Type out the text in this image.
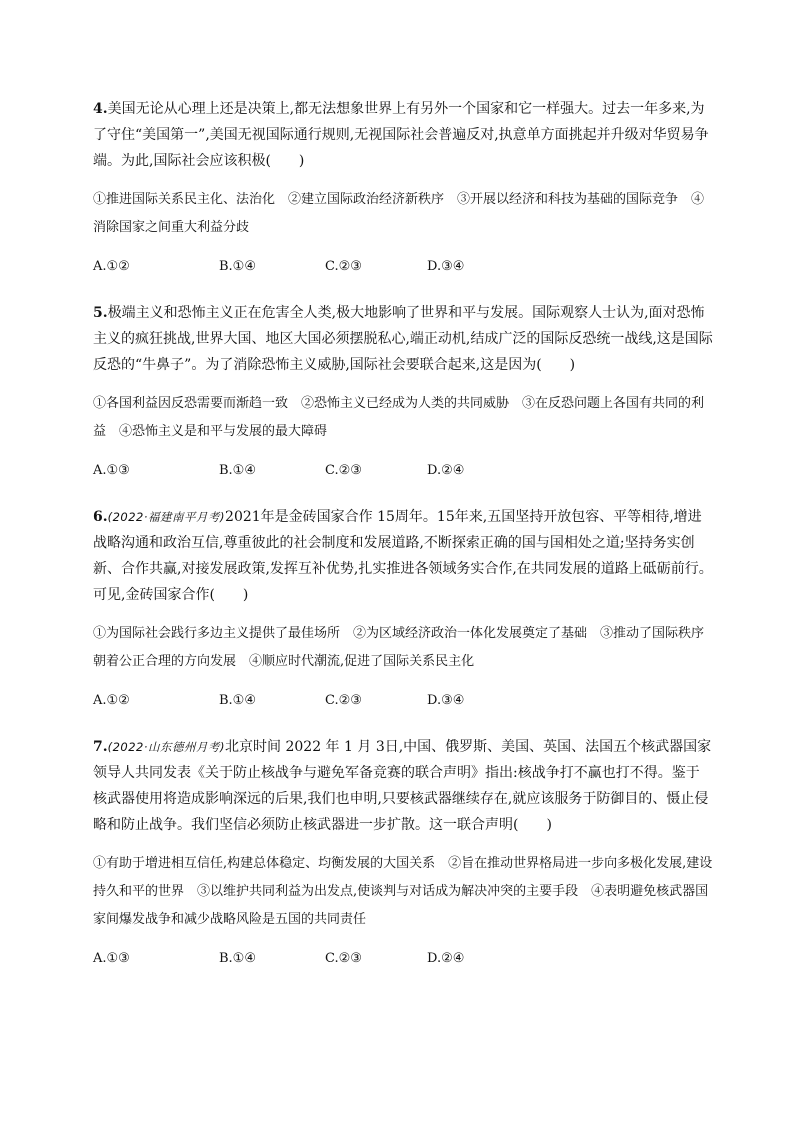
4.美国无论从心理上还是决策上,都无法想象世界上有另外一个国家和它一样强大。过去一年多来,为了守住“美国第一”,美国无视国际通行规则,无视国际社会普遍反对,执意单方面挑起并升级对华贸易争端。为此,国际社会应该积极(　　)

①推进国际关系民主化、法治化　②建立国际政治经济新秩序　③开展以经济和科技为基础的国际竞争　④消除国家之间重大利益分歧

A.①②	B.①④	C.②③	D.③④

5.极端主义和恐怖主义正在危害全人类,极大地影响了世界和平与发展。国际观察人士认为,面对恐怖主义的疯狂挑战,世界大国、地区大国必须摆脱私心,端正动机,结成广泛的国际反恐统一战线,这是国际反恐的“牛鼻子”。为了消除恐怖主义威胁,国际社会要联合起来,这是因为(　　)

①各国利益因反恐需要而渐趋一致　②恐怖主义已经成为人类的共同威胁　③在反恐问题上各国有共同的利益　④恐怖主义是和平与发展的最大障碍

A.①③	B.①④	C.②③	D.②④

6.(2022·福建南平月考)2021年是金砖国家合作 15周年。15年来,五国坚持开放包容、平等相待,增进战略沟通和政治互信,尊重彼此的社会制度和发展道路,不断探索正确的国与国相处之道;坚持务实创新、合作共赢,对接发展政策,发挥互补优势,扎实推进各领域务实合作,在共同发展的道路上砥砺前行。可见,金砖国家合作(　　)

①为国际社会践行多边主义提供了最佳场所　②为区域经济政治一体化发展奠定了基础　③推动了国际秩序朝着公正合理的方向发展　④顺应时代潮流,促进了国际关系民主化

A.①②	B.①④	C.②③	D.③④

7.(2022·山东德州月考)北京时间 2022 年 1 月 3日,中国、俄罗斯、美国、英国、法国五个核武器国家领导人共同发表《关于防止核战争与避免军备竞赛的联合声明》指出:核战争打不赢也打不得。鉴于核武器使用将造成影响深远的后果,我们也申明,只要核武器继续存在,就应该服务于防御目的、慑止侵略和防止战争。我们坚信必须防止核武器进一步扩散。这一联合声明(　　)

①有助于增进相互信任,构建总体稳定、均衡发展的大国关系　②旨在推动世界格局进一步向多极化发展,建设持久和平的世界　③以维护共同利益为出发点,使谈判与对话成为解决冲突的主要手段　④表明避免核武器国家间爆发战争和减少战略风险是五国的共同责任

A.①③	B.①④	C.②③	D.②④
